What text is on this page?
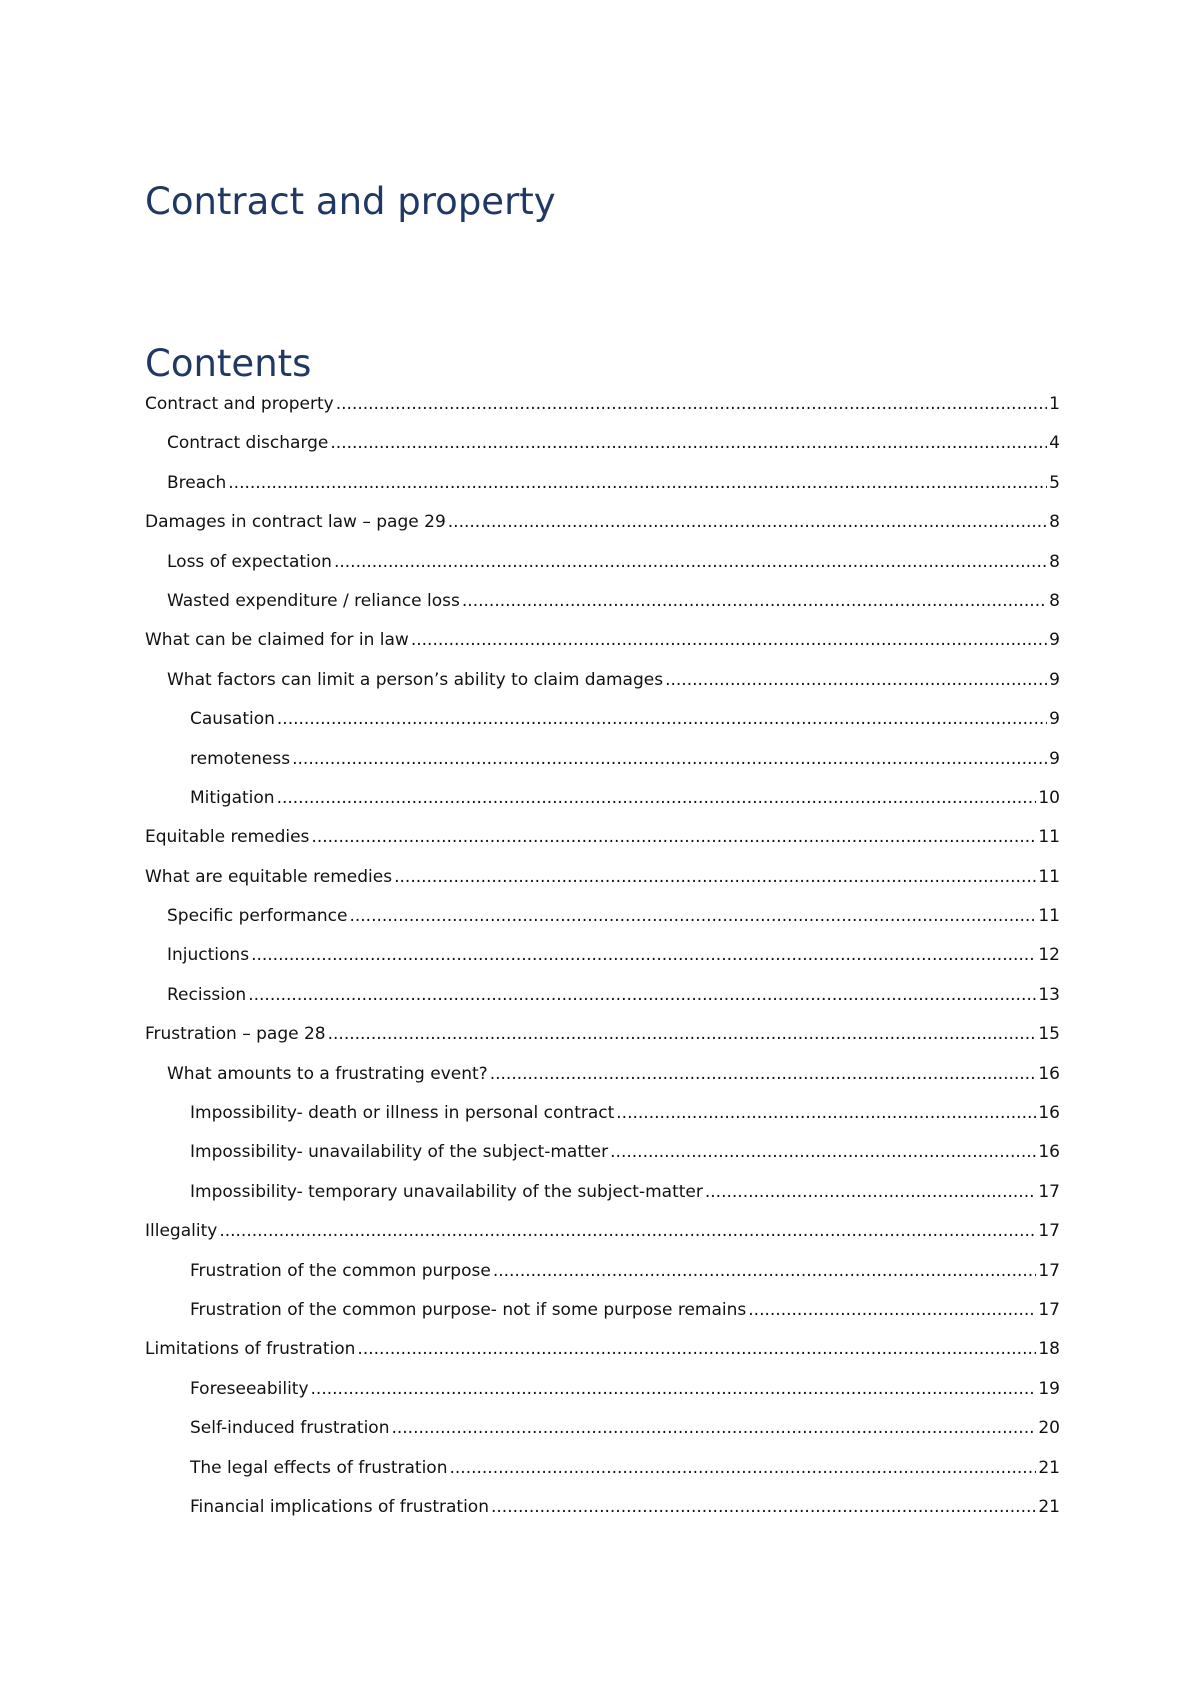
Contract and property
Contents
Contract and property .....	1
Contract discharge .....	4
Breach .....	5
Damages in contract law – page 29 .....	8
Loss of expectation .....	8
Wasted expenditure / reliance loss .....	8
What can be claimed for in law .....	9
What factors can limit a person’s ability to claim damages .....	9
Causation .....	9
remoteness .....	9
Mitigation .....	10
Equitable remedies .....	11
What are equitable remedies .....	11
Specific performance .....	11
Injuctions .....	12
Recission .....	13
Frustration – page 28 .....	15
What amounts to a frustrating event? .....	16
Impossibility- death or illness in personal contract .....	16
Impossibility- unavailability of the subject-matter .....	16
Impossibility- temporary unavailability of the subject-matter .....	17
Illegality .....	17
Frustration of the common purpose .....	17
Frustration of the common purpose- not if some purpose remains .....	17
Limitations of frustration .....	18
Foreseeability .....	19
Self-induced frustration .....	20
The legal effects of frustration .....	21
Financial implications of frustration .....	21
